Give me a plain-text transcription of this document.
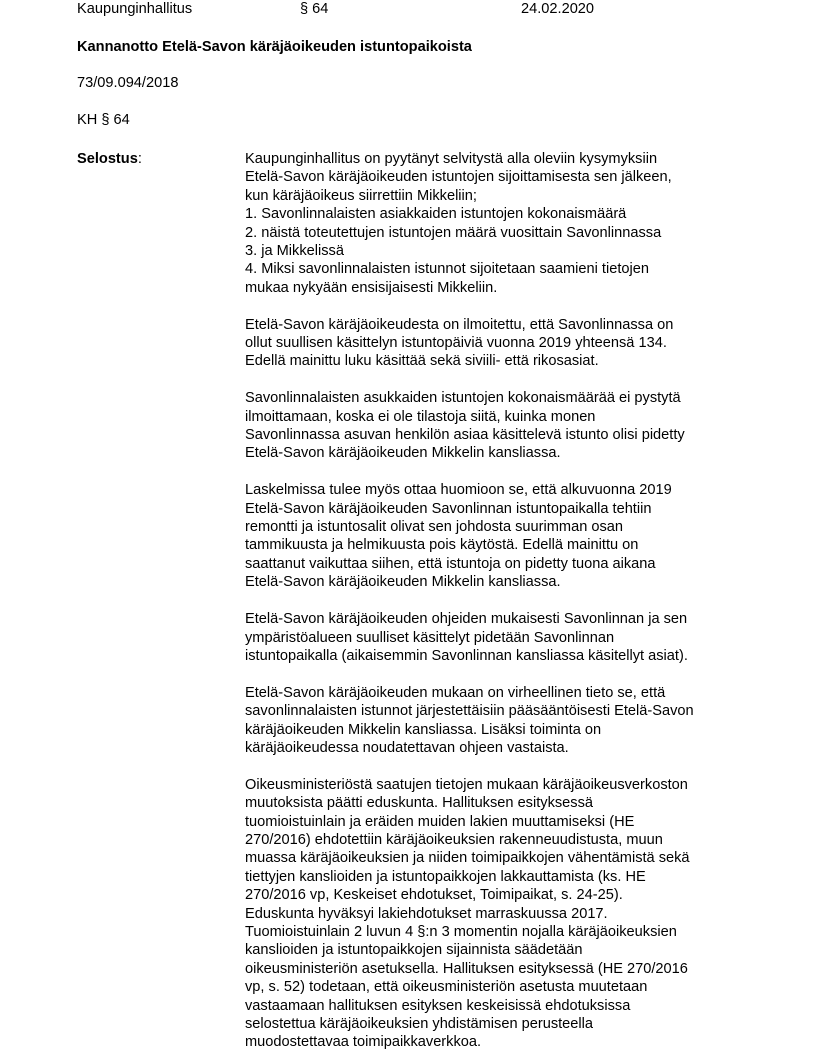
Kaupunginhallitus	§ 64	24.02.2020
Kannanotto Etelä-Savon käräjäoikeuden istuntopaikoista
73/09.094/2018
KH § 64
Selostus:	Kaupunginhallitus on pyytänyt selvitystä alla oleviin kysymyksiin
Etelä-Savon käräjäoikeuden istuntojen sijoittamisesta sen jälkeen,
kun käräjäoikeus siirrettiin Mikkeliin;
1. Savonlinnalaisten asiakkaiden istuntojen kokonaismäärä
2. näistä toteutettujen istuntojen määrä vuosittain Savonlinnassa
3. ja Mikkelissä
4. Miksi savonlinnalaisten istunnot sijoitetaan saamieni tietojen
mukaa nykyään ensisijaisesti Mikkeliin.

Etelä-Savon käräjäoikeudesta on ilmoitettu, että Savonlinnassa on
ollut suullisen käsittelyn istuntopäiviä vuonna 2019 yhteensä 134.
Edellä mainittu luku käsittää sekä siviili- että rikosasiat.

Savonlinnalaisten asukkaiden istuntojen kokonaismäärää ei pystytä
ilmoittamaan, koska ei ole tilastoja siitä, kuinka monen
Savonlinnassa asuvan henkilön asiaa käsittelevä istunto olisi pidetty
Etelä-Savon käräjäoikeuden Mikkelin kansliassa.

Laskelmissa tulee myös ottaa huomioon se, että alkuvuonna 2019
Etelä-Savon käräjäoikeuden Savonlinnan istuntopaikalla tehtiin
remontti ja istuntosalit olivat sen johdosta suurimman osan
tammikuusta ja helmikuusta pois käytöstä. Edellä mainittu on
saattanut vaikuttaa siihen, että istuntoja on pidetty tuona aikana
Etelä-Savon käräjäoikeuden Mikkelin kansliassa.

Etelä-Savon käräjäoikeuden ohjeiden mukaisesti Savonlinnan ja sen
ympäristöalueen suulliset käsittelyt pidetään Savonlinnan
istuntopaikalla (aikaisemmin Savonlinnan kansliassa käsitellyt asiat).

Etelä-Savon käräjäoikeuden mukaan on virheellinen tieto se, että
savonlinnalaisten istunnot järjestettäisiin pääsääntöisesti Etelä-Savon
käräjäoikeuden Mikkelin kansliassa. Lisäksi toiminta on
käräjäoikeudessa noudatettavan ohjeen vastaista.

Oikeusministeriöstä saatujen tietojen mukaan käräjäoikeusverkoston
muutoksista päätti eduskunta. Hallituksen esityksessä
tuomioistuinlain ja eräiden muiden lakien muuttamiseksi (HE
270/2016) ehdotettiin käräjäoikeuksien rakenneuudistusta, muun
muassa käräjäoikeuksien ja niiden toimipaikkojen vähentämistä sekä
tiettyjen kanslioiden ja istuntopaikkojen lakkauttamista (ks. HE
270/2016 vp, Keskeiset ehdotukset, Toimipaikat, s. 24-25).
Eduskunta hyväksyi lakiehdotukset marraskuussa 2017.
Tuomioistuinlain 2 luvun 4 §:n 3 momentin nojalla käräjäoikeuksien
kanslioiden ja istuntopaikkojen sijainnista säädetään
oikeusministeriön asetuksella. Hallituksen esityksessä (HE 270/2016
vp, s. 52) todetaan, että oikeusministeriön asetusta muutetaan
vastaamaan hallituksen esityksen keskeisissä ehdotuksissa
selostettua käräjäoikeuksien yhdistämisen perusteella
muodostettavaa toimipaikkaverkkoa.
